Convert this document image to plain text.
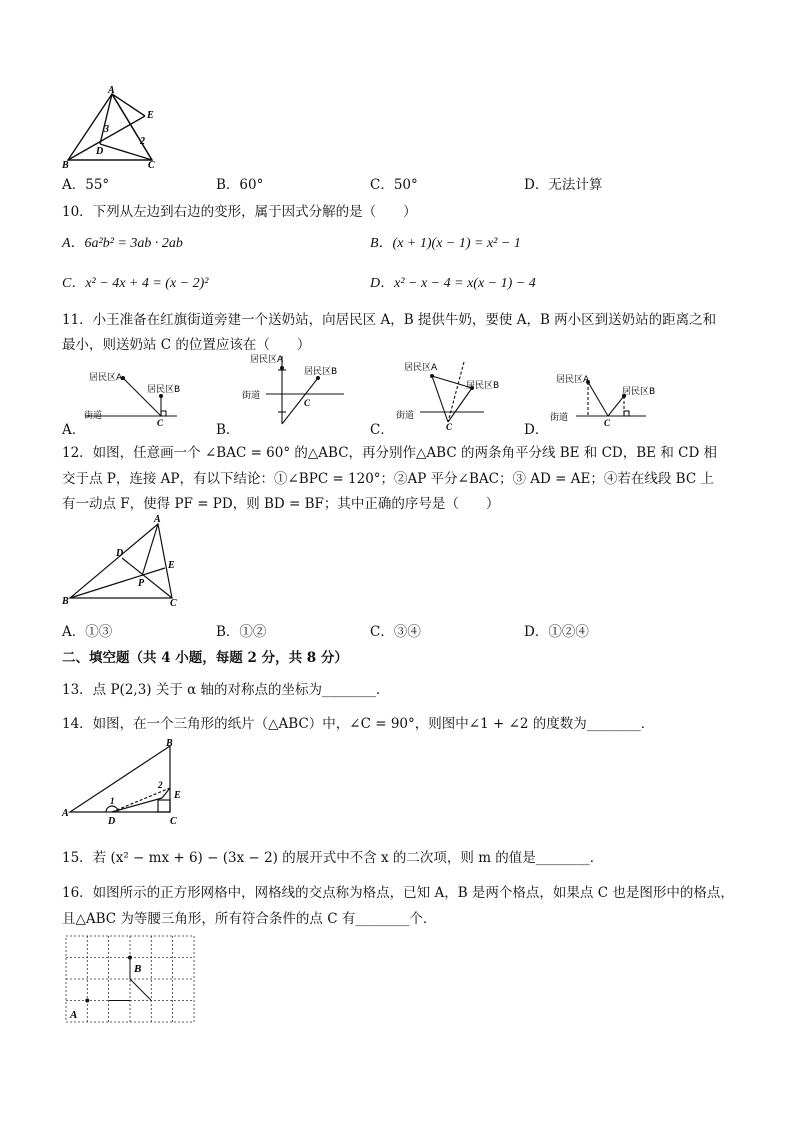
A
B	C
D
E
2
3
A．55°	B．60°	C．50°	D．无法计算
10．下列从左边到右边的变形，属于因式分解的是（　　）
A．6a²b² = 3ab · 2ab	B．(x + 1)(x − 1) = x² − 1
C．x² − 4x + 4 = (x − 2)²	D．x² − x − 4 = x(x − 1) − 4
11．小王准备在红旗街道旁建一个送奶站，向居民区 A，B 提供牛奶，要使 A，B 两小区到送奶站的距离之和
最小，则送奶站 C 的位置应该在（　　）
居民区A
居民区B
C
A．
街道
居民区A
居民区B
街道
C
B．
居民区A
居民区B
街道
C
C．
居民区A
居民区B
街道	C
D．
12．如图，任意画一个 ∠BAC = 60° 的△ABC，再分别作△ABC 的两条角平分线 BE 和 CD，BE 和 CD 相
交于点 P，连接 AP，有以下结论：①∠BPC = 120°；②AP 平分∠BAC；③ AD = AE；④若在线段 BC 上
有一动点 F，使得 PF = PD，则 BD = BF；其中正确的序号是（　　）
A
B	C
D
E
P
A．①③	B．①②	C．③④	D．①②④
二、填空题（共 4 小题，每题 2 分，共 8 分）
13．点 P(2,3) 关于 α 轴的对称点的坐标为________．
14．如图，在一个三角形的纸片（△ABC）中，∠C = 90°，则图中∠1 + ∠2 的度数为________．
A
B
C
D
E
1
2
15．若 (x² − mx + 6) − (3x − 2) 的展开式中不含 x 的二次项，则 m 的值是________．
16．如图所示的正方形网格中，网格线的交点称为格点，已知 A，B 是两个格点，如果点 C 也是图形中的格点，
且△ABC 为等腰三角形，所有符合条件的点 C 有________个．
B
A
